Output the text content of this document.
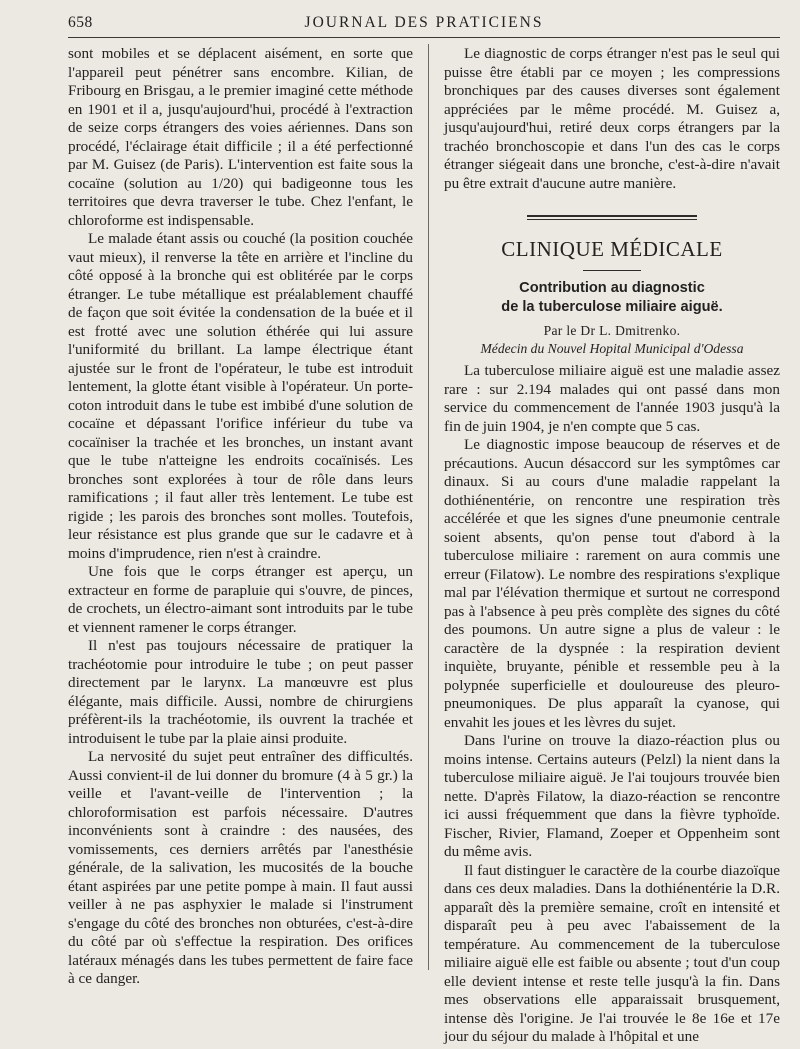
658	JOURNAL DES PRATICIENS

sont mobiles et se déplacent aisément, en sorte que l'appareil peut pénétrer sans encombre. Kilian, de Fribourg en Brisgau, a le premier imaginé cette méthode en 1901 et il a, jusqu'aujourd'hui, procédé à l'extraction de seize corps étrangers des voies aériennes. Dans son procédé, l'éclairage était difficile ; il a été perfectionné par M. Guisez (de Paris). L'intervention est faite sous la cocaïne (solution au 1/20) qui badigeonne tous les territoires que devra traverser le tube. Chez l'enfant, le chloroforme est indispensable.

Le malade étant assis ou couché (la position couchée vaut mieux), il renverse la tête en arrière et l'incline du côté opposé à la bronche qui est oblitérée par le corps étranger. Le tube métallique est préalablement chauffé de façon que soit évitée la condensation de la buée et il est frotté avec une solution éthérée qui lui assure l'uniformité du brillant. La lampe électrique étant ajustée sur le front de l'opérateur, le tube est introduit lentement, la glotte étant visible à l'opérateur. Un porte-coton introduit dans le tube est imbibé d'une solution de cocaïne et dépassant l'orifice inférieur du tube va cocaïniser la trachée et les bronches, un instant avant que le tube n'atteigne les endroits cocaïnisés. Les bronches sont explorées à tour de rôle dans leurs ramifications ; il faut aller très lentement. Le tube est rigide ; les parois des bronches sont molles. Toutefois, leur résistance est plus grande que sur le cadavre et à moins d'imprudence, rien n'est à craindre.

Une fois que le corps étranger est aperçu, un extracteur en forme de parapluie qui s'ouvre, de pinces, de crochets, un électro-aimant sont introduits par le tube et viennent ramener le corps étranger.

Il n'est pas toujours nécessaire de pratiquer la trachéotomie pour introduire le tube ; on peut passer directement par le larynx. La manœuvre est plus élégante, mais difficile. Aussi, nombre de chirurgiens préfèrent-ils la trachéotomie, ils ouvrent la trachée et introduisent le tube par la plaie ainsi produite.

La nervosité du sujet peut entraîner des difficultés. Aussi convient-il de lui donner du bromure (4 à 5 gr.) la veille et l'avant-veille de l'intervention ; la chloroformisation est parfois nécessaire. D'autres inconvénients sont à craindre : des nausées, des vomissements, ces derniers arrêtés par l'anesthésie générale, de la salivation, les mucosités de la bouche étant aspirées par une petite pompe à main. Il faut aussi veiller à ne pas asphyxier le malade si l'instrument s'engage du côté des bronches non obturées, c'est-à-dire du côté par où s'effectue la respiration. Des orifices latéraux ménagés dans les tubes permettent de faire face à ce danger.

Le diagnostic de corps étranger n'est pas le seul qui puisse être établi par ce moyen ; les compressions bronchiques par des causes diverses sont également appréciées par le même procédé. M. Guisez a, jusqu'aujourd'hui, retiré deux corps étrangers par la trachéo bronchoscopie et dans l'un des cas le corps étranger siégeait dans une bronche, c'est-à-dire n'avait pu être extrait d'aucune autre manière.

CLINIQUE MÉDICALE
Contribution au diagnostic
de la tuberculose miliaire aiguë.
Par le Dr L. Dmitrenko.
Médecin du Nouvel Hopital Municipal d'Odessa

La tuberculose miliaire aiguë est une maladie assez rare : sur 2.194 malades qui ont passé dans mon service du commencement de l'année 1903 jusqu'à la fin de juin 1904, je n'en compte que 5 cas.

Le diagnostic impose beaucoup de réserves et de précautions. Aucun désaccord sur les symptômes car dinaux. Si au cours d'une maladie rappelant la dothiénentérie, on rencontre une respiration très accélérée et que les signes d'une pneumonie centrale soient absents, qu'on pense tout d'abord à la tuberculose miliaire : rarement on aura commis une erreur (Filatow). Le nombre des respirations s'explique mal par l'élévation thermique et surtout ne correspond pas à l'absence à peu près complète des signes du côté des poumons. Un autre signe a plus de valeur : le caractère de la dyspnée : la respiration devient inquiète, bruyante, pénible et ressemble peu à la polypnée superficielle et douloureuse des pleuro-pneumoniques. De plus apparaît la cyanose, qui envahit les joues et les lèvres du sujet.

Dans l'urine on trouve la diazo-réaction plus ou moins intense. Certains auteurs (Pelzl) la nient dans la tuberculose miliaire aiguë. Je l'ai toujours trouvée bien nette. D'après Filatow, la diazo-réaction se rencontre ici aussi fréquemment que dans la fièvre typhoïde. Fischer, Rivier, Flamand, Zoeper et Oppenheim sont du même avis.

Il faut distinguer le caractère de la courbe diazoïque dans ces deux maladies. Dans la dothiénentérie la D.R. apparaît dès la première semaine, croît en intensité et disparaît peu à peu avec l'abaissement de la température. Au commencement de la tuberculose miliaire aiguë elle est faible ou absente ; tout d'un coup elle devient intense et reste telle jusqu'à la fin. Dans mes observations elle apparaissait brusquement, intense dès l'origine. Je l'ai trouvée le 8e 16e et 17e jour du séjour du malade à l'hôpital et une
